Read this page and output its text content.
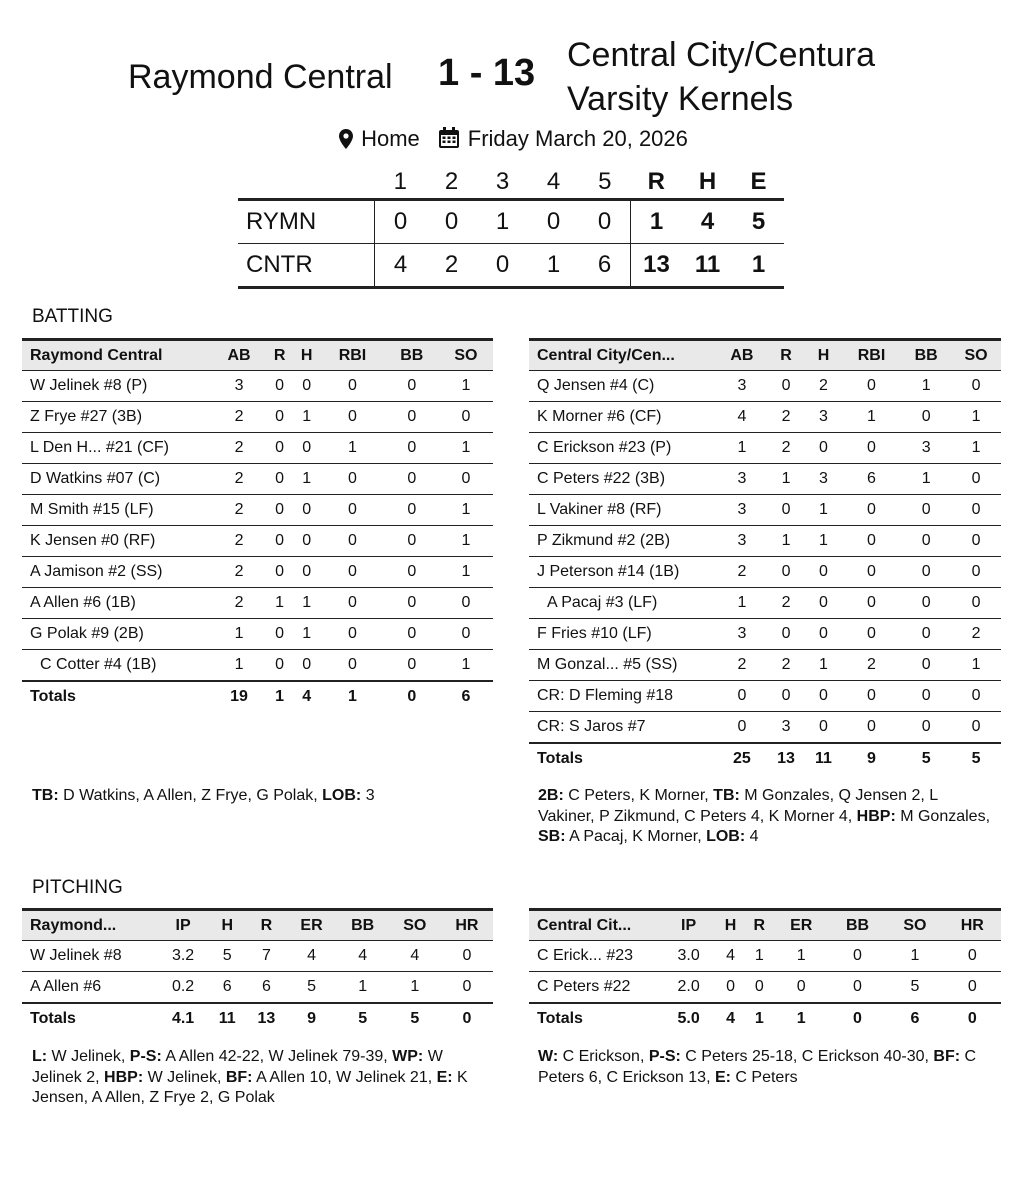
Raymond Central 1 - 13 Central City/Centura
Varsity Kernels
Home Friday March 20, 2026
	1	2	3	4	5	R	H	E
RYMN	0	0	1	0	0	1	4	5
CNTR	4	2	0	1	6	13	11	1
BATTING
Raymond Central	AB	R	H	RBI	BB	SO
W Jelinek #8 (P)	3	0	0	0	0	1
Z Frye #27 (3B)	2	0	1	0	0	0
L Den H... #21 (CF)	2	0	0	1	0	1
D Watkins #07 (C)	2	0	1	0	0	0
M Smith #15 (LF)	2	0	0	0	0	1
K Jensen #0 (RF)	2	0	0	0	0	1
A Jamison #2 (SS)	2	0	0	0	0	1
A Allen #6 (1B)	2	1	1	0	0	0
G Polak #9 (2B)	1	0	1	0	0	0
C Cotter #4 (1B)	1	0	0	0	0	1
Totals	19	1	4	1	0	6
Central City/Cen...	AB	R	H	RBI	BB	SO
Q Jensen #4 (C)	3	0	2	0	1	0
K Morner #6 (CF)	4	2	3	1	0	1
C Erickson #23 (P)	1	2	0	0	3	1
C Peters #22 (3B)	3	1	3	6	1	0
L Vakiner #8 (RF)	3	0	1	0	0	0
P Zikmund #2 (2B)	3	1	1	0	0	0
J Peterson #14 (1B)	2	0	0	0	0	0
A Pacaj #3 (LF)	1	2	0	0	0	0
F Fries #10 (LF)	3	0	0	0	0	2
M Gonzal... #5 (SS)	2	2	1	2	0	1
CR: D Fleming #18	0	0	0	0	0	0
CR: S Jaros #7	0	3	0	0	0	0
Totals	25	13	11	9	5	5
TB: D Watkins, A Allen, Z Frye, G Polak, LOB: 3	2B: C Peters, K Morner, TB: M Gonzales, Q Jensen 2, L Vakiner, P Zikmund, C Peters 4, K Morner 4, HBP: M Gonzales, SB: A Pacaj, K Morner, LOB: 4
PITCHING
Raymond...	IP	H	R	ER	BB	SO	HR
W Jelinek #8	3.2	5	7	4	4	4	0
A Allen #6	0.2	6	6	5	1	1	0
Totals	4.1	11	13	9	5	5	0
Central Cit...	IP	H	R	ER	BB	SO	HR
C Erick... #23	3.0	4	1	1	0	1	0
C Peters #22	2.0	0	0	0	0	5	0
Totals	5.0	4	1	1	0	6	0
L: W Jelinek, P-S: A Allen 42-22, W Jelinek 79-39, WP: W Jelinek 2, HBP: W Jelinek, BF: A Allen 10, W Jelinek 21, E: K Jensen, A Allen, Z Frye 2, G Polak
W: C Erickson, P-S: C Peters 25-18, C Erickson 40-30, BF: C Peters 6, C Erickson 13, E: C Peters
